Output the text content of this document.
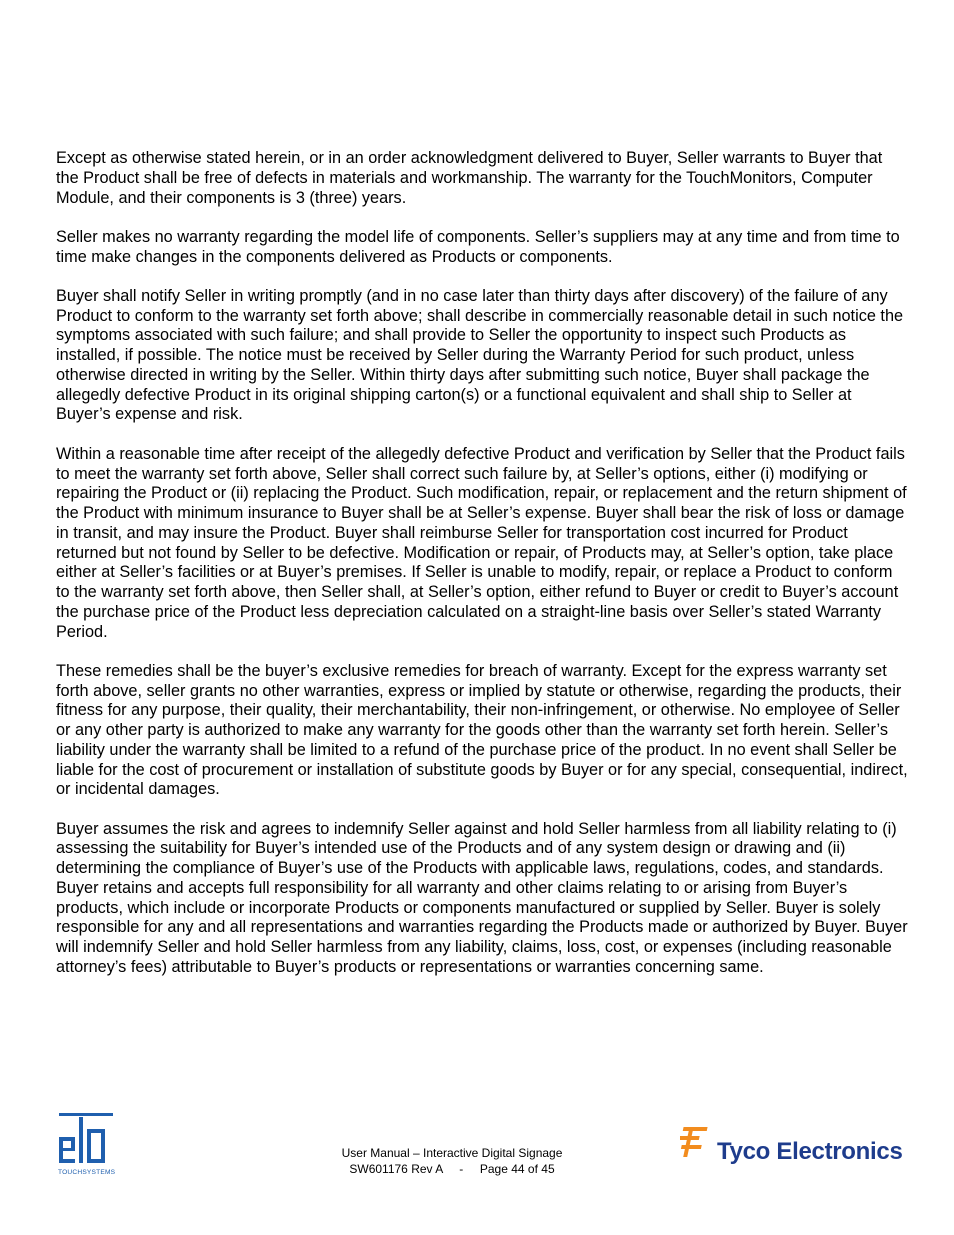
Except as otherwise stated herein, or in an order acknowledgment delivered to Buyer, Seller warrants to Buyer that the Product shall be free of defects in materials and workmanship. The warranty for the TouchMonitors, Computer Module, and their components is 3 (three) years.

Seller makes no warranty regarding the model life of components. Seller’s suppliers may at any time and from time to time make changes in the components delivered as Products or components.

Buyer shall notify Seller in writing promptly (and in no case later than thirty days after discovery) of the failure of any Product to conform to the warranty set forth above; shall describe in commercially reasonable detail in such notice the symptoms associated with such failure; and shall provide to Seller the opportunity to inspect such Products as installed, if possible. The notice must be received by Seller during the Warranty Period for such product, unless otherwise directed in writing by the Seller. Within thirty days after submitting such notice, Buyer shall package the allegedly defective Product in its original shipping carton(s) or a functional equivalent and shall ship to Seller at Buyer’s expense and risk.

Within a reasonable time after receipt of the allegedly defective Product and verification by Seller that the Product fails to meet the warranty set forth above, Seller shall correct such failure by, at Seller’s options, either (i) modifying or repairing the Product or (ii) replacing the Product. Such modification, repair, or replacement and the return shipment of the Product with minimum insurance to Buyer shall be at Seller’s expense. Buyer shall bear the risk of loss or damage in transit, and may insure the Product. Buyer shall reimburse Seller for transportation cost incurred for Product returned but not found by Seller to be defective. Modification or repair, of Products may, at Seller’s option, take place either at Seller’s facilities or at Buyer’s premises. If Seller is unable to modify, repair, or replace a Product to conform to the warranty set forth above, then Seller shall, at Seller’s option, either refund to Buyer or credit to Buyer’s account the purchase price of the Product less depreciation calculated on a straight-line basis over Seller’s stated Warranty Period.

These remedies shall be the buyer’s exclusive remedies for breach of warranty. Except for the express warranty set forth above, seller grants no other warranties, express or implied by statute or otherwise, regarding the products, their fitness for any purpose, their quality, their merchantability, their non-infringement, or otherwise. No employee of Seller or any other party is authorized to make any warranty for the goods other than the warranty set forth herein. Seller’s liability under the warranty shall be limited to a refund of the purchase price of the product. In no event shall Seller be liable for the cost of procurement or installation of substitute goods by Buyer or for any special, consequential, indirect, or incidental damages.

Buyer assumes the risk and agrees to indemnify Seller against and hold Seller harmless from all liability relating to (i) assessing the suitability for Buyer’s intended use of the Products and of any system design or drawing and (ii) determining the compliance of Buyer’s use of the Products with applicable laws, regulations, codes, and standards. Buyer retains and accepts full responsibility for all warranty and other claims relating to or arising from Buyer’s products, which include or incorporate Products or components manufactured or supplied by Seller. Buyer is solely responsible for any and all representations and warranties regarding the Products made or authorized by Buyer. Buyer will indemnify Seller and hold Seller harmless from any liability, claims, loss, cost, or expenses (including reasonable attorney’s fees) attributable to Buyer’s products or representations or warranties concerning same.

TOUCHSYSTEMS
User Manual – Interactive Digital Signage
SW601176 Rev A     -     Page 44 of 45
Tyco Electronics
